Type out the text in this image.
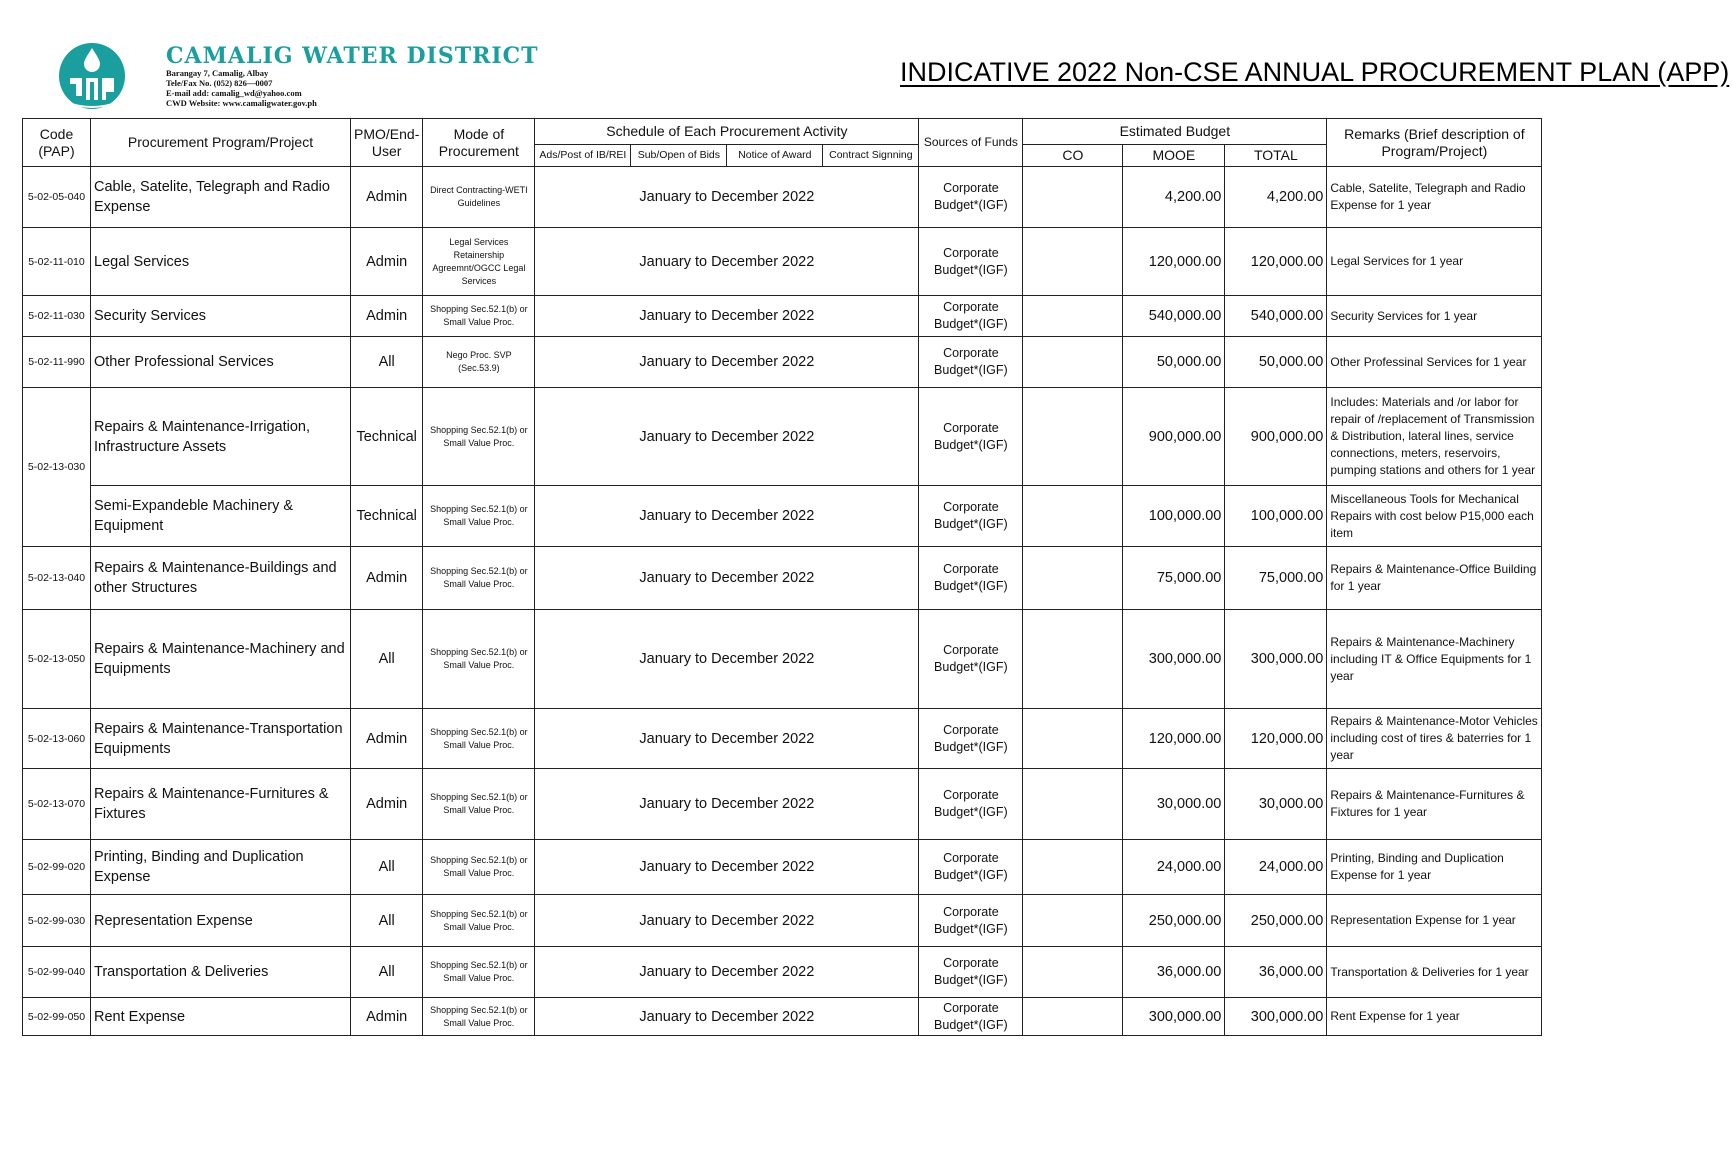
CAMALIG WATER DISTRICT
Barangay 7, Camalig, Albay
Tele/Fax No. (052) 826—0007
E-mail add: camalig_wd@yahoo.com
CWD Website: www.camaligwater.gov.ph
INDICATIVE 2022 Non-CSE ANNUAL PROCUREMENT PLAN (APP)
Code (PAP)	Procurement Program/Project	PMO/End-User	Mode of Procurement	Schedule of Each Procurement Activity				Sources of Funds	Estimated Budget			Remarks (Brief description of Program/Project)
				Ads/Post of IB/REI	Sub/Open of Bids	Notice of Award	Contract Signning		CO	MOOE	TOTAL	
5-02-05-040	Cable, Satelite, Telegraph and Radio Expense	Admin	Direct Contracting-WETI Guidelines	January to December 2022				Corporate Budget*(IGF)		4,200.00	4,200.00	Cable, Satelite, Telegraph and Radio Expense for 1 year
5-02-11-010	Legal Services	Admin	Legal Services Retainership Agreemnt/OGCC Legal Services	January to December 2022				Corporate Budget*(IGF)		120,000.00	120,000.00	Legal Services for 1 year
5-02-11-030	Security Services	Admin	Shopping Sec.52.1(b) or Small Value Proc.	January to December 2022				Corporate Budget*(IGF)		540,000.00	540,000.00	Security Services for 1 year
5-02-11-990	Other Professional Services	All	Nego Proc. SVP (Sec.53.9)	January to December 2022				Corporate Budget*(IGF)		50,000.00	50,000.00	Other Professinal Services for 1 year
5-02-13-030	Repairs & Maintenance-Irrigation, Infrastructure Assets	Technical	Shopping Sec.52.1(b) or Small Value Proc.	January to December 2022				Corporate Budget*(IGF)		900,000.00	900,000.00	Includes: Materials and /or labor for repair of /replacement of Transmission & Distribution, lateral lines, service connections, meters, reservoirs, pumping stations and others for 1 year
	Semi-Expandeble Machinery & Equipment	Technical	Shopping Sec.52.1(b) or Small Value Proc.	January to December 2022				Corporate Budget*(IGF)		100,000.00	100,000.00	Miscellaneous Tools for Mechanical Repairs with cost below P15,000 each item
5-02-13-040	Repairs & Maintenance-Buildings and other Structures	Admin	Shopping Sec.52.1(b) or Small Value Proc.	January to December 2022				Corporate Budget*(IGF)		75,000.00	75,000.00	Repairs & Maintenance-Office Building for 1 year
5-02-13-050	Repairs & Maintenance-Machinery and Equipments	All	Shopping Sec.52.1(b) or Small Value Proc.	January to December 2022				Corporate Budget*(IGF)		300,000.00	300,000.00	Repairs & Maintenance-Machinery including IT & Office Equipments for 1 year
5-02-13-060	Repairs & Maintenance-Transportation Equipments	Admin	Shopping Sec.52.1(b) or Small Value Proc.	January to December 2022				Corporate Budget*(IGF)		120,000.00	120,000.00	Repairs & Maintenance-Motor Vehicles including cost of tires & baterries for 1 year
5-02-13-070	Repairs & Maintenance-Furnitures & Fixtures	Admin	Shopping Sec.52.1(b) or Small Value Proc.	January to December 2022				Corporate Budget*(IGF)		30,000.00	30,000.00	Repairs & Maintenance-Furnitures & Fixtures for 1 year
5-02-99-020	Printing, Binding and Duplication Expense	All	Shopping Sec.52.1(b) or Small Value Proc.	January to December 2022				Corporate Budget*(IGF)		24,000.00	24,000.00	Printing, Binding and Duplication Expense for 1 year
5-02-99-030	Representation Expense	All	Shopping Sec.52.1(b) or Small Value Proc.	January to December 2022				Corporate Budget*(IGF)		250,000.00	250,000.00	Representation Expense for 1 year
5-02-99-040	Transportation & Deliveries	All	Shopping Sec.52.1(b) or Small Value Proc.	January to December 2022				Corporate Budget*(IGF)		36,000.00	36,000.00	Transportation & Deliveries for 1 year
5-02-99-050	Rent Expense	Admin	Shopping Sec.52.1(b) or Small Value Proc.	January to December 2022				Corporate Budget*(IGF)		300,000.00	300,000.00	Rent Expense for 1 year
